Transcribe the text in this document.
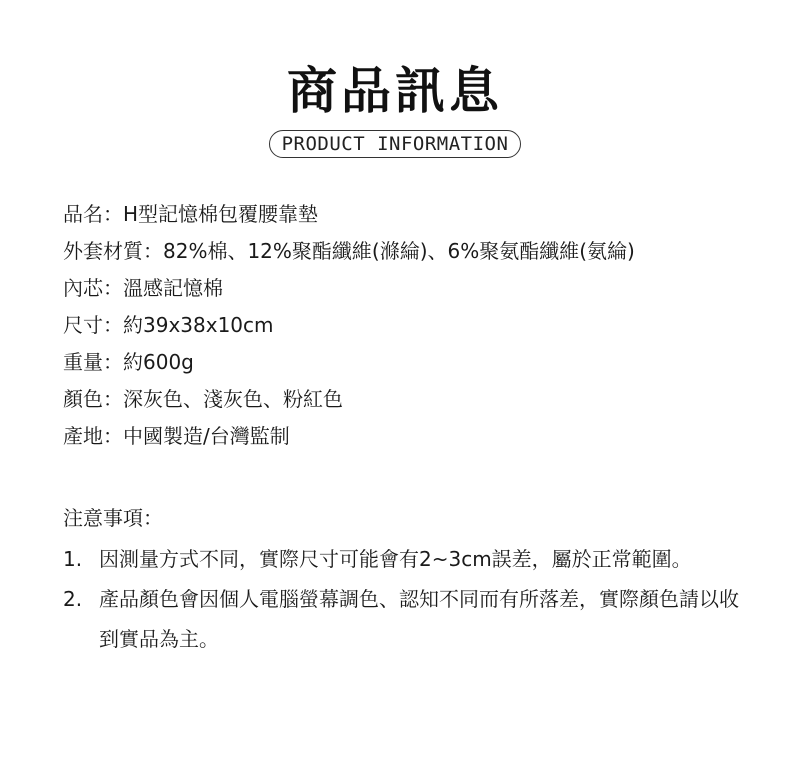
商品訊息
PRODUCT INFORMATION
品名：H型記憶棉包覆腰靠墊
外套材質：82%棉、12%聚酯纖維(滌綸)、6%聚氨酯纖維(氨綸)
內芯：溫感記憶棉
尺寸：約39x38x10cm
重量：約600g
顏色：深灰色、淺灰色、粉紅色
產地：中國製造/台灣監制
注意事項：
1. 因測量方式不同，實際尺寸可能會有2~3cm誤差，屬於正常範圍。
2. 產品顏色會因個人電腦螢幕調色、認知不同而有所落差，實際顏色請以收到實品為主。
